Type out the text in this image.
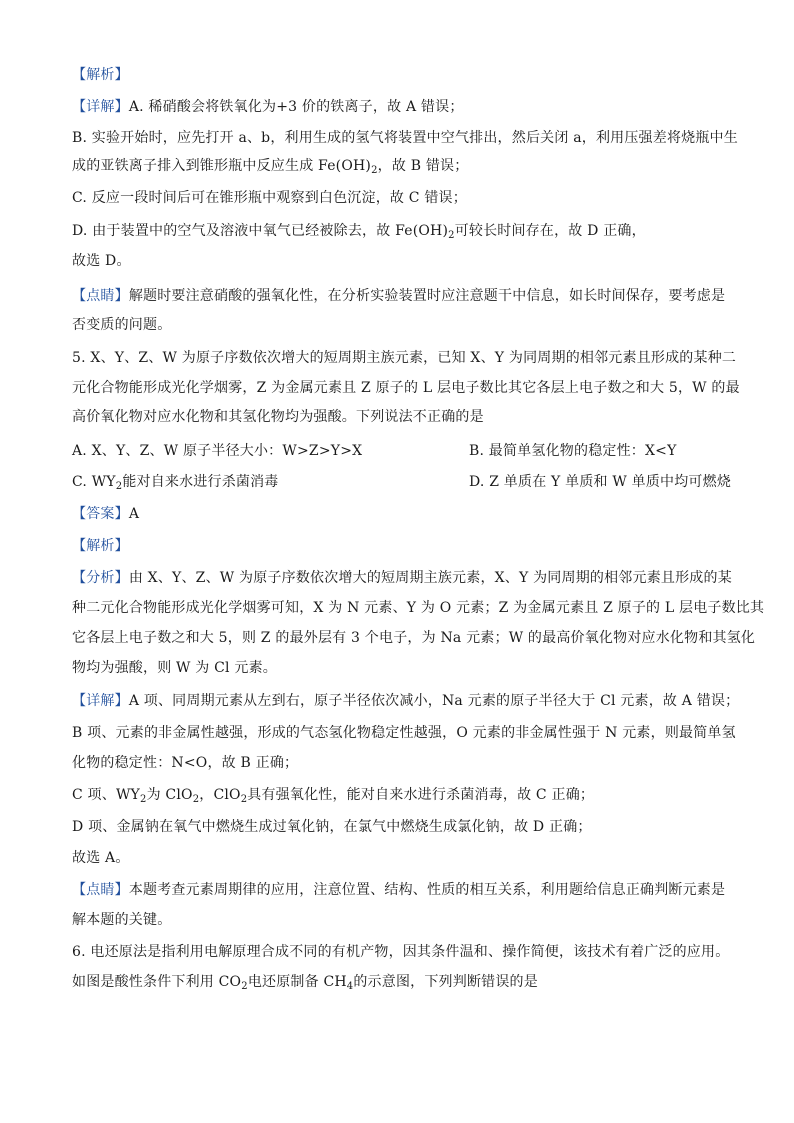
【解析】
【详解】A. 稀硝酸会将铁氧化为+3 价的铁离子，故 A 错误；
B. 实验开始时，应先打开 a、b，利用生成的氢气将装置中空气排出，然后关闭 a，利用压强差将烧瓶中生
成的亚铁离子排入到锥形瓶中反应生成 $Fe(OH)_2$，故 B 错误；
C. 反应一段时间后可在锥形瓶中观察到白色沉淀，故 C 错误；
D. 由于装置中的空气及溶液中氧气已经被除去，故 $Fe(OH)_2$可较长时间存在，故 D 正确，
故选 D。
【点睛】解题时要注意硝酸的强氧化性，在分析实验装置时应注意题干中信息，如长时间保存，要考虑是
否变质的问题。
5. X、Y、Z、W 为原子序数依次增大的短周期主族元素，已知 X、Y 为同周期的相邻元素且形成的某种二
元化合物能形成光化学烟雾，Z 为金属元素且 Z 原子的 L 层电子数比其它各层上电子数之和大 5，W 的最
高价氧化物对应水化物和其氢化物均为强酸。下列说法不正确的是
A. X、Y、Z、W 原子半径大小：W>Z>Y>X	B. 最简单氢化物的稳定性：X<Y
C. $WY_2$能对自来水进行杀菌消毒	D. Z 单质在 Y 单质和 W 单质中均可燃烧
【答案】A
【解析】
【分析】由 X、Y、Z、W 为原子序数依次增大的短周期主族元素，X、Y 为同周期的相邻元素且形成的某
种二元化合物能形成光化学烟雾可知，X 为 N 元素、Y 为 O 元素；Z 为金属元素且 Z 原子的 L 层电子数比其
它各层上电子数之和大 5，则 Z 的最外层有 3 个电子，为 Na 元素；W 的最高价氧化物对应水化物和其氢化
物均为强酸，则 W 为 Cl 元素。
【详解】A 项、同周期元素从左到右，原子半径依次减小，Na 元素的原子半径大于 Cl 元素，故 A 错误；
B 项、元素的非金属性越强，形成的气态氢化物稳定性越强，O 元素的非金属性强于 N 元素，则最简单氢
化物的稳定性：N<O，故 B 正确；
C 项、$WY_2$为 ClO$_2$，ClO$_2$具有强氧化性，能对自来水进行杀菌消毒，故 C 正确；
D 项、金属钠在氧气中燃烧生成过氧化钠，在氯气中燃烧生成氯化钠，故 D 正确；
故选 A。
【点睛】本题考查元素周期律的应用，注意位置、结构、性质的相互关系，利用题给信息正确判断元素是
解本题的关键。
6. 电还原法是指利用电解原理合成不同的有机产物，因其条件温和、操作简便，该技术有着广泛的应用。
如图是酸性条件下利用 $CO_2$电还原制备 $CH_4$的示意图，下列判断错误的是
